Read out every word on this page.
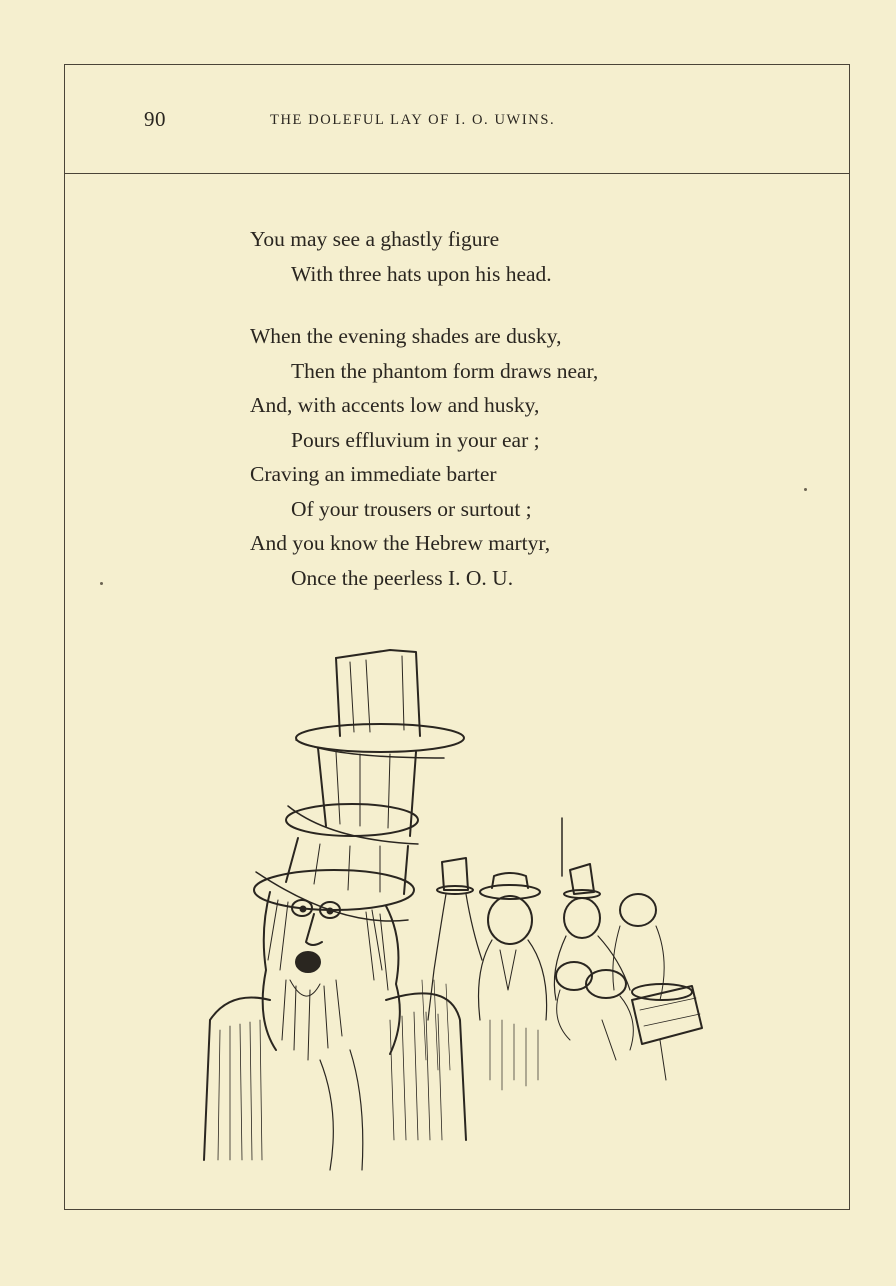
90	THE DOLEFUL LAY OF I. O. UWINS.
You may see a ghastly figure
With three hats upon his head.
When the evening shades are dusky,
Then the phantom form draws near,
And, with accents low and husky,
Pours effluvium in your ear ;
Craving an immediate barter
Of your trousers or surtout ;
And you know the Hebrew martyr,
Once the peerless I. O. U.
